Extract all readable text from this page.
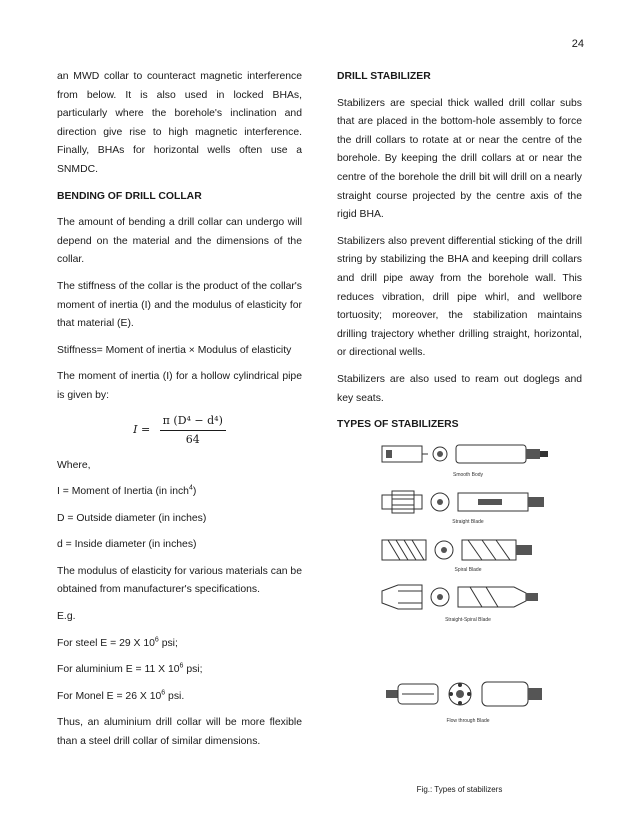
24

an MWD collar to counteract magnetic interference from below. It is also used in locked BHAs, particularly where the borehole's inclination and direction give rise to high magnetic interference. Finally, BHAs for horizontal wells often use a SNMDC.

BENDING OF DRILL COLLAR

The amount of bending a drill collar can undergo will depend on the material and the dimensions of the collar.

The stiffness of the collar is the product of the collar's moment of inertia (I) and the modulus of elasticity for that material (E).

Stiffness= Moment of inertia × Modulus of elasticity

The moment of inertia (I) for a hollow cylindrical pipe is given by:

$I = \frac{\text{π (D⁴ − d⁴)}}{64}$

Where,

I = Moment of Inertia (in inch$^4$)

D = Outside diameter (in inches)

d = Inside diameter (in inches)

The modulus of elasticity for various materials can be obtained from manufacturer's specifications.

E.g.

For steel E = 29 X $10^6$ psi;

For aluminium E = 11 X $10^6$ psi;

For Monel E = 26 X $10^6$ psi.

Thus, an aluminium drill collar will be more flexible than a steel drill collar of similar dimensions.

DRILL STABILIZER

Stabilizers are special thick walled drill collar subs that are placed in the bottom-hole assembly to force the drill collars to rotate at or near the centre of the borehole. By keeping the drill collars at or near the centre of the borehole the drill bit will drill on a nearly straight course projected by the centre axis of the rigid BHA.

Stabilizers also prevent differential sticking of the drill string by stabilizing the BHA and keeping drill collars and drill pipe away from the borehole wall. This reduces vibration, drill pipe whirl, and wellbore tortuosity; moreover, the stabilization maintains drilling trajectory whether drilling straight, horizontal, or directional wells.

Stabilizers are also used to ream out doglegs and key seats.

TYPES OF STABILIZERS

Smooth Body

Straight Blade

Spiral Blade

Straight-Spiral Blade

Flow through Blade
Fig.: Types of stabilizers
